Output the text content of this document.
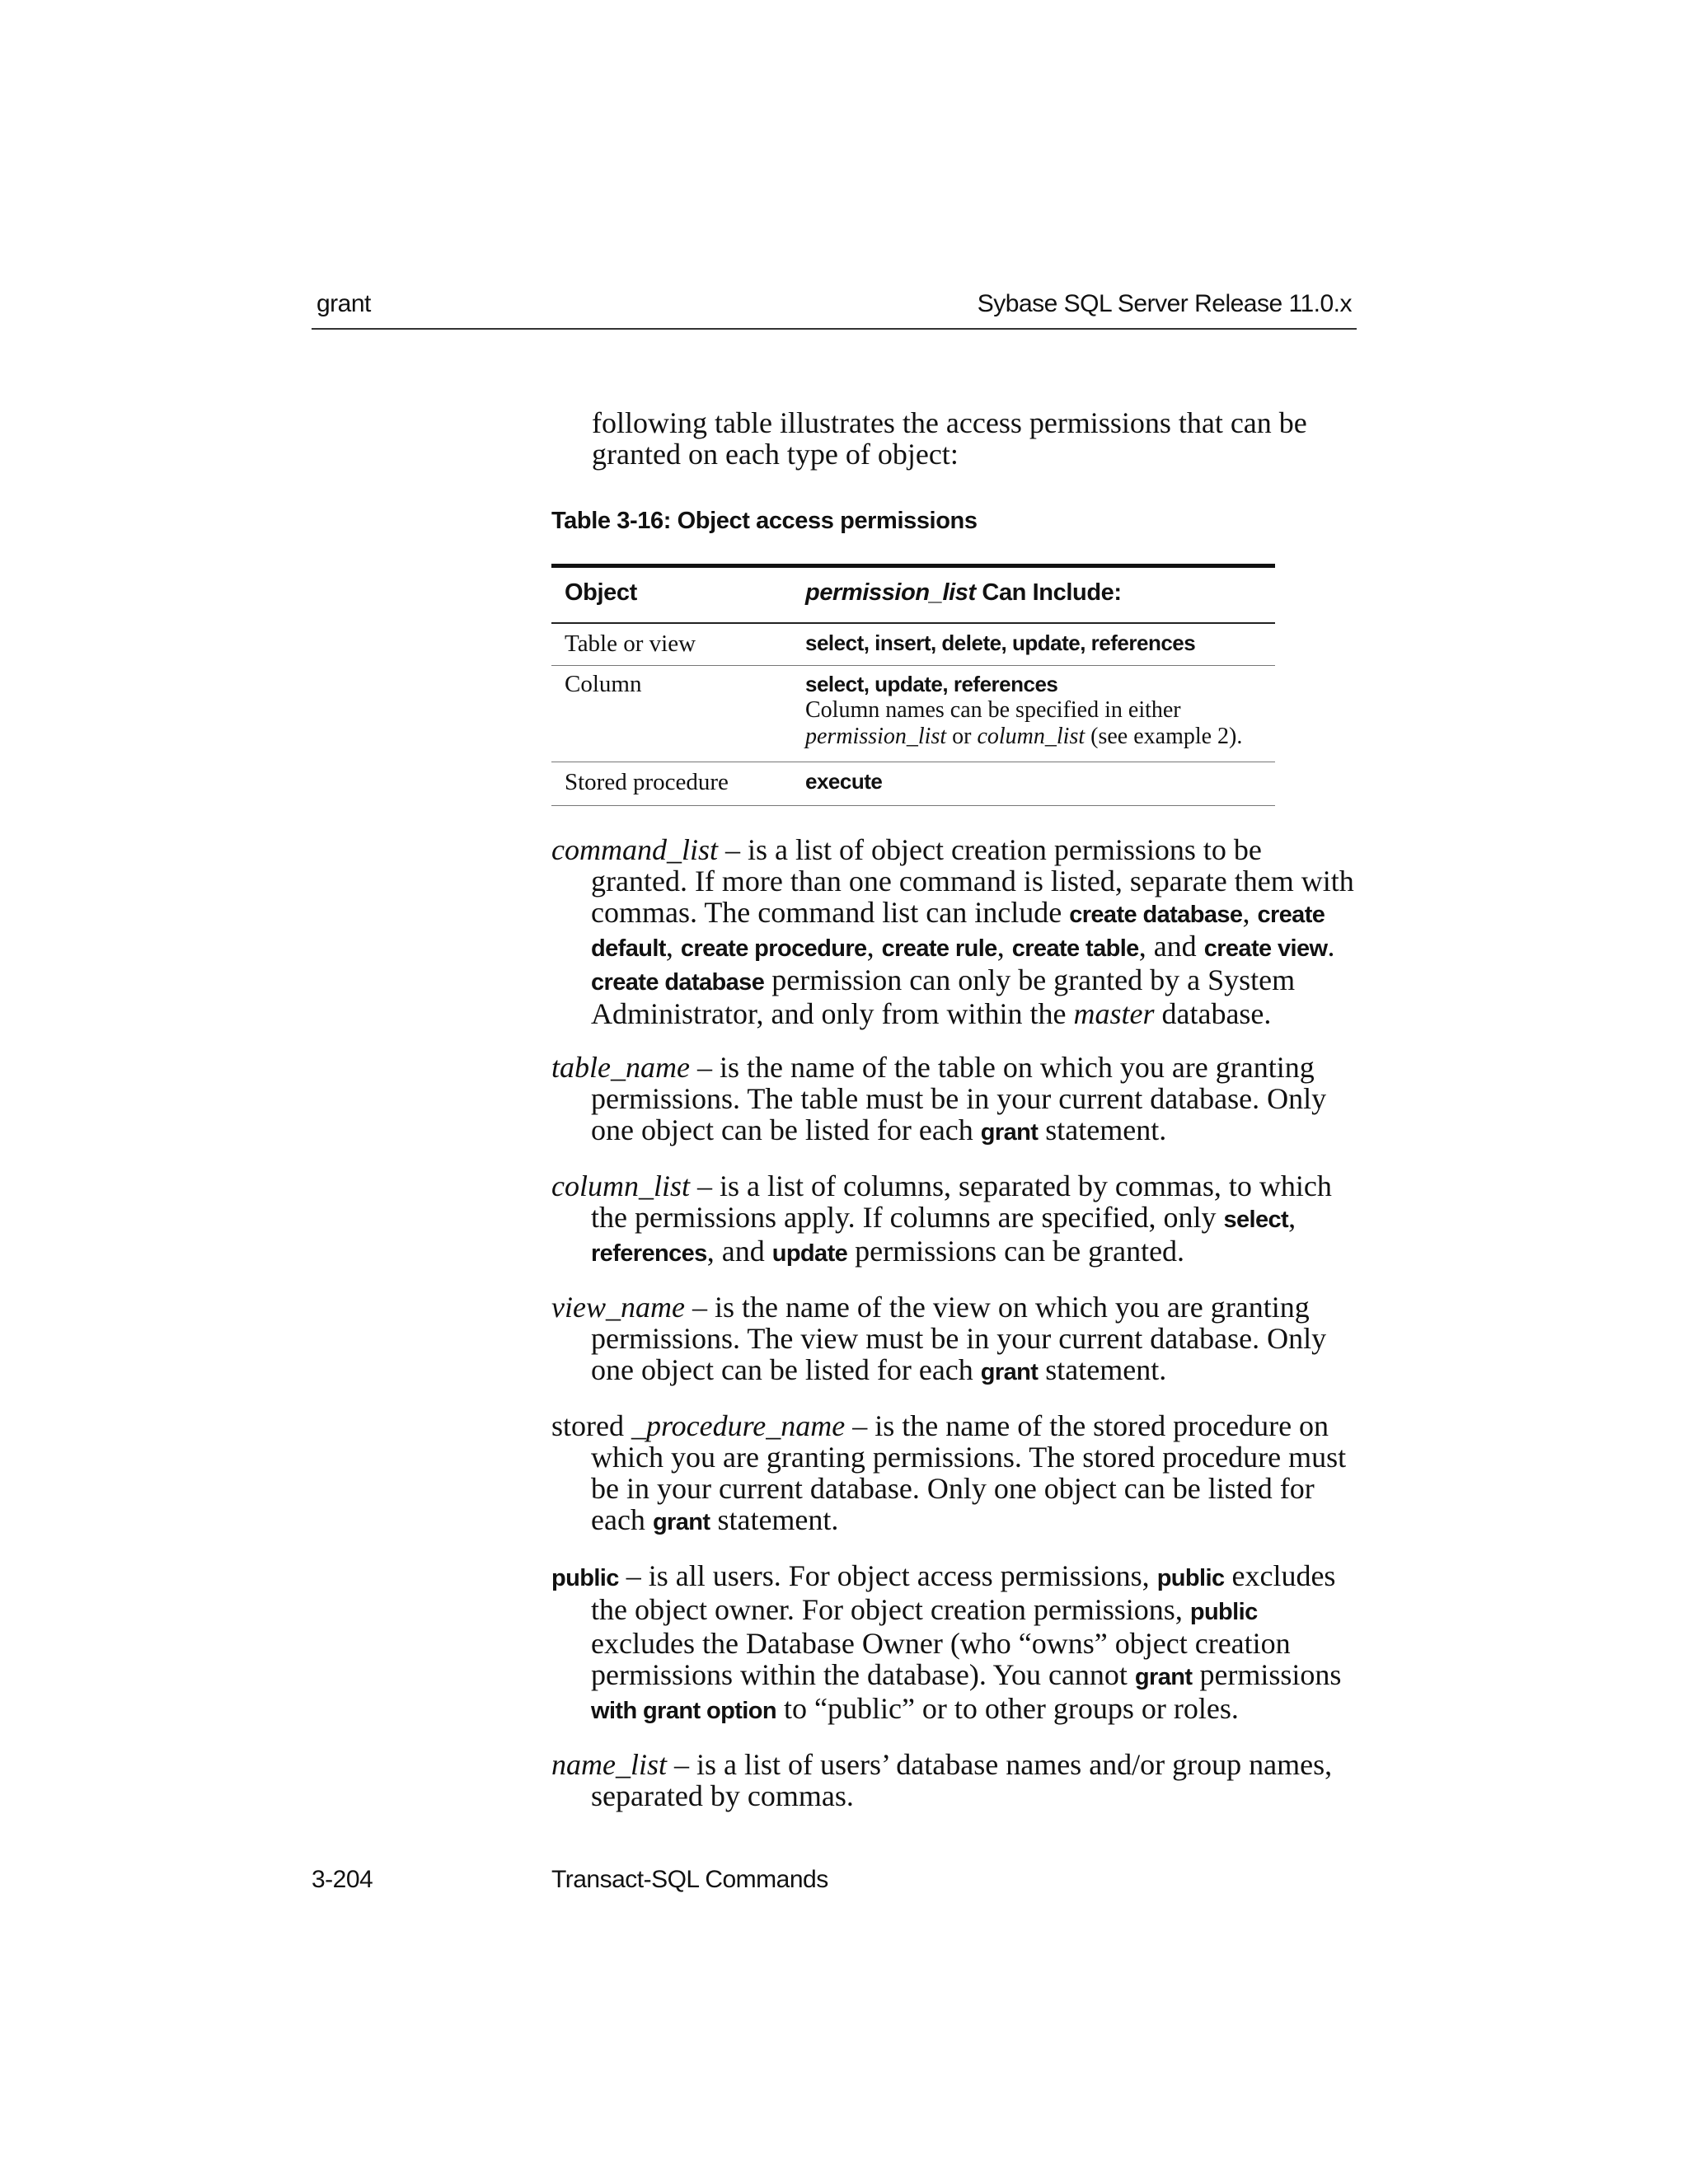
grant	Sybase SQL Server Release 11.0.x
following table illustrates the access permissions that can be
granted on each type of object:
Table 3-16: Object access permissions
Object	permission_list Can Include:
Table or view	select, insert, delete, update, references
Column	select, update, references
Column names can be specified in either
permission_list or column_list (see example 2).
Stored procedure	execute

command_list – is a list of object creation permissions to be granted. If more than one command is listed, separate them with commas. The command list can include create database, create default, create procedure, create rule, create table, and create view. create database permission can only be granted by a System Administrator, and only from within the master database.

table_name – is the name of the table on which you are granting permissions. The table must be in your current database. Only one object can be listed for each grant statement.

column_list – is a list of columns, separated by commas, to which the permissions apply. If columns are specified, only select, references, and update permissions can be granted.

view_name – is the name of the view on which you are granting permissions. The view must be in your current database. Only one object can be listed for each grant statement.

stored _procedure_name – is the name of the stored procedure on which you are granting permissions. The stored procedure must be in your current database. Only one object can be listed for each grant statement.

public – is all users. For object access permissions, public excludes the object owner. For object creation permissions, public excludes the Database Owner (who “owns” object creation permissions within the database). You cannot grant permissions with grant option to “public” or to other groups or roles.

name_list – is a list of users’ database names and/or group names, separated by commas.

3-204	Transact-SQL Commands
